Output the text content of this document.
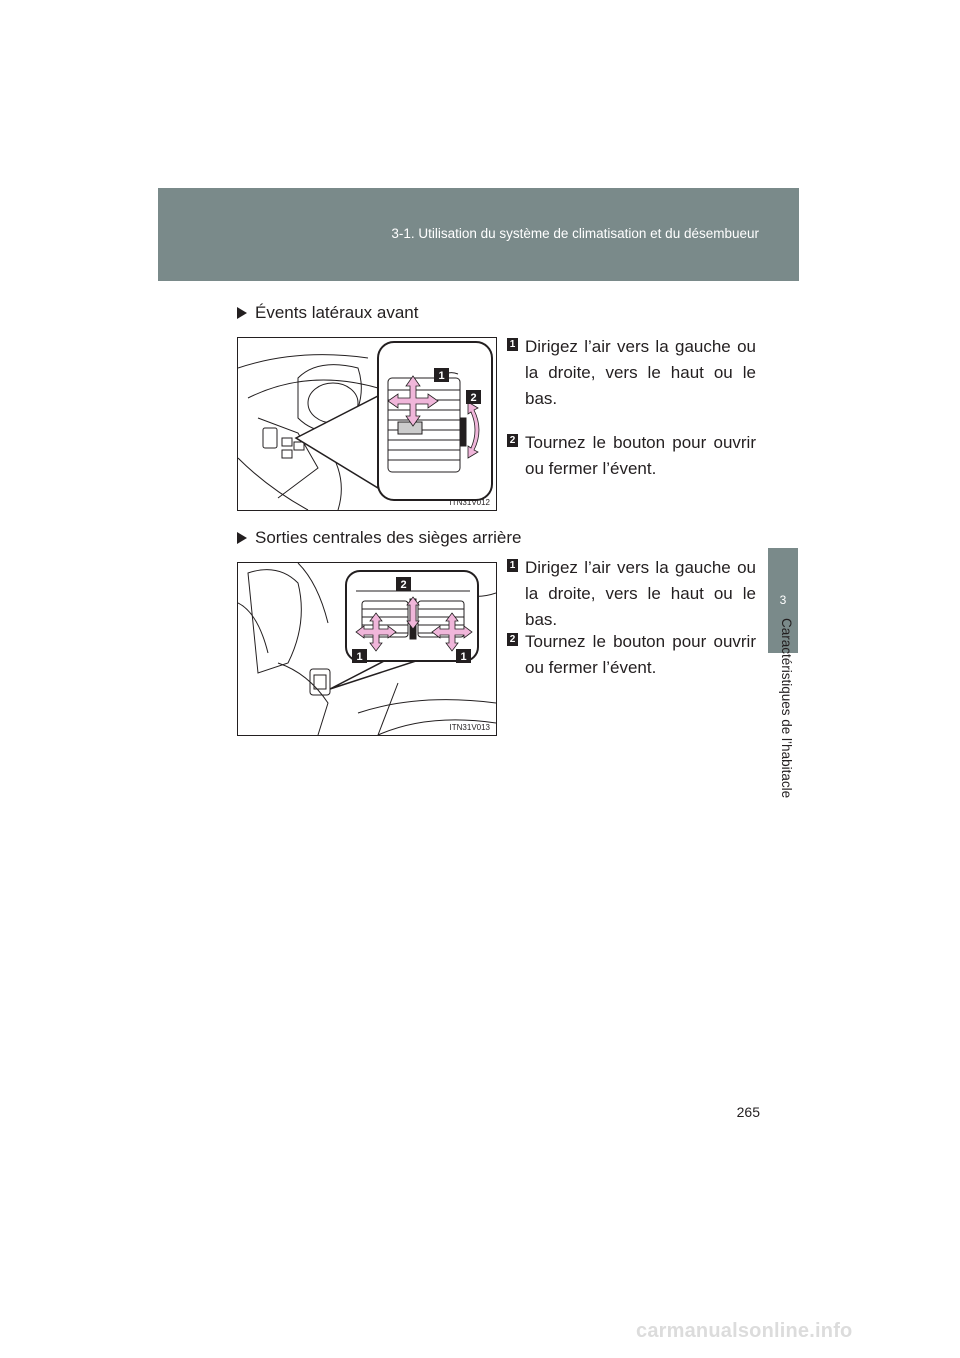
3-1. Utilisation du système de climatisation et du désembueur
3
Caractéristiques de l’habitacle
Évents latéraux avant
1
2
ITN31V012
1 Dirigez l’air vers la gauche ou la droite, vers le haut ou le bas.
2 Tournez le bouton pour ouvrir ou fermer l’évent.
Sorties centrales des sièges arrière
2
1	1
ITN31V013
1 Dirigez l’air vers la gauche ou la droite, vers le haut ou le bas.
2 Tournez le bouton pour ouvrir ou fermer l’évent.
265
carmanualsonline.info
